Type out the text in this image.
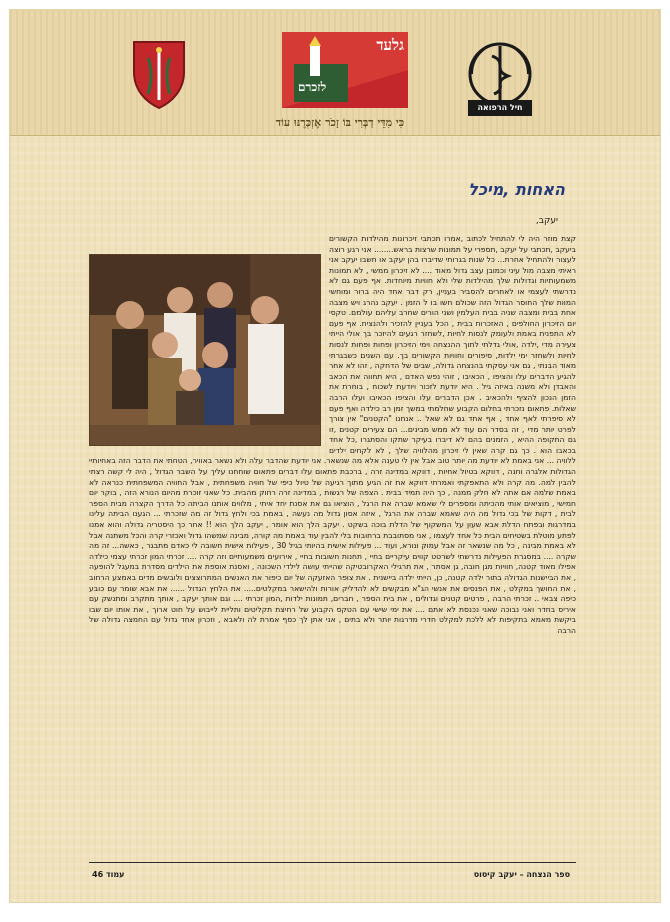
גלעד
לזכרם
חיל הרפואה
כִּי מִדֵּי דַבְּרִי בּוֹ זָכֹר אֶזְכְּרֶנּוּ עוֹד
האחות ,מיכל
יעקב,

קצת מוזר היה לי להתחיל לכתוב ,אמרו תכתבי זיכרונות מהילדות הקשורים ביעקב ,תכתבי על יעקב ,תספרי על תמונות שרצות בראש........ אני רגע רוצה לעצור ולהתחיל אחרת... כל שנות בגרותי שדיברו בהן יעקב או חשבו יעקב אני ראיתי מצבה מול עיני וכמובן עצב גדול מאוד .... לא זיכרון ממשי , לא תמונות משמעותיות וגדולות שלך מהילדות שלי ולא חוויות מיוחדות. אף פעם גם לא נדרשתי לעצמי או לאחרים להסביר בעניין, רק דבר אחד היה ברור ומוחשי המוות שלך החוסר הגדול הזה שכולם חשו בו ל הזמן . יעקב נהרג ויש מצבה אחת בבית ומצבה שניה בבית העלמין ושני הורים שחרב עליהם עולמם. טקסי יום הזיכרון החולפים , האזכרות בבית , הכל בעניין להזכיר ולהנציח. אף פעם לא התפנית באמת ולעומק לנסות לחיות ,לשחזר רגעים להיזכר בך אולי הייתי צעירה מדי ,ילדה ,אולי גדלתי לתוך ההנצחה וימי הזיכרון ופחות ופחות לנסות לחיות ולשחזר ימי ילדות, סיפורים וחוויות הקשורים בך. עם השנים כשבגרתי מאוד הבנתי , גם אני עסקתי בהנצחה גדולה, שבים של הדחקה , זהו לא אחר להגיע הדברים עלו והציפו , הכאיבו , זוהי נפש האדם , היא תחווה את הכאב והאבדן ולא משנה באיזה גיל . היא יודעת לזכור ויודעת לשכוח , בוחרת את הזמן הנכון להציף ולהכאיב . אכן הדברים עלו והציפו הכאיבו ועלו הרבה שאלות. פתאום נזכרתי בחלום הקבוע שחלמתי במשך זמן רב כילדה ואף פעם לא סיפרתי לאף אחד , אף אחד גם לא שאל .. אנחנו "הקטנים" אין צורך לפרט יותר מדי , זה בסדר הם עוד לא ממש מבינים... הם צעירים קטנים ,זו גם התקופה ההיא , הזמנים בהם לא דיברו בעיקר שתקו והסתגרו ,כל אחד בכאבו הוא . כך גם קרה שאין לי זיכרון מהלוויה שלך , לא לקחים ילדים ללוויה ... אני באמת לא יודעת מה יותר טוב אבל אין לי טענה אלא מה שנשאר. אני יודעת שהדבר עלה ולא נשאר באוויר, הטחתי את הדבר הזה באחיותיי הגדולות אלגרה וחנה , דווקא בטיול אחיות , דווקא במדינה זרה , ברכבת פתאום עלו דברים פתאום שוחחנו עליך על השבר הגדול , היה לי קשה רצתי להבין למה. מה קרה ולא התאפקתי ואמרתי דווקא את זה הגיע מתוך רגיעה של טיול כיפי של חוויה משפחתית , אבל החוויה המשפחתית כנראה לא באמת שלמה אם אתה לא חלק ממנה , כך היה תמיד בבית . הצפה של רגשות , במדינה זרה רחוק מהבית. כל שאני זוכרת מהיום הנורא הזה , בוקר יום חמישי , מוציאים אותי מהכיתה ומספרים לי שאמא שברה את הרגל , הוציאו גם את אסנת יחד איתי , מלווים אותנו הביתה כל הדרך הקצרה מבית הספר לבית , דקות של בכי גדול מה היה שאמא שברה את הרגל , איזה אסון גדול מה נעשה , באמת בכי ולחץ גדול זה מה שזכרתי ... הגענו הביתה עלינו במדרגות ובפתח הדלת אבא שעון על המשקוף של הדלת בוכה בשקט . יעקב הלך הוא אומר , יעקב הלך הוא !! אחר כך היסטריה גדולה והוא אמנו לפתע מוטלת בשטיחים הבית כל אחד לעצמו , אני מסתובבת ברחובות בלי להבין עוד באמת מה קורה, מבינה שמשהו גדול ואכזרי קרה והכל משתנה אבל לא באמת מבינה , כל מה שנשאר זה אבל עמוק ונורא, ועוד ... פעילות אישית בהיותי בגיל 30 , פעילות אישית חשובה לי כאדם מתבגר , כאשה... זה מה שקרה .... במסגרת הפעילות נדרשתי לשרטט קווים עיקריים בחיי , תחנות חשובות בחיי , אירועים משמעותיים וזה קרה .... זכרתי המון זכרתי עצמי כילדה אפילו מאוד קטנה, חוויות מגן חובה, גן אסתר , את תרגילי האקרובטיקה שהייתי עושה לילדי השכונה , ואסנת אוספת את הילדים מסדרת במעגל להופעה , את הביישנות הגדולה בתור ילדה קטנה, כן, הייתי ילדה ביישנית . את צופר האזעקה של יום כיפור את האנשים המתרוצצים ולובשים מדים באמצע הרחוב , את החושך במקלט , את הפנסים את אנשי הג"א מבקשים לא להדליק אורות ולהישאר במקלטים..... את הלחץ הגדול ...... את אבא שומר עם כובע כיפה צבאי .. זכרתי הרבה , פרטים קטנים וגדולים , את בית הספר , חברים, תמונות ילדות ,המון זכרתי .... וגם אותך יעקב , אותך מתקרב ומתנשק עם איריס בחדר ואני נבוכה שאני נכנסת לא אתם .... את ימי שישי עם הטקס הקבוע של רחיצת תקליטים ותליית לייבוש על חוט ארוך , את אותו יום שבו ביקשת מאמא בתקיפות לא ללכת למקלט חדרי מדרגות יותר ולא בתים , אני אתן לך כסף אמרת לה ולאבא , וזכרון אחד גדול עם החמצה גדולה של הרבה

ספר הנצחה – יעקב קיסוס
עמוד 46
